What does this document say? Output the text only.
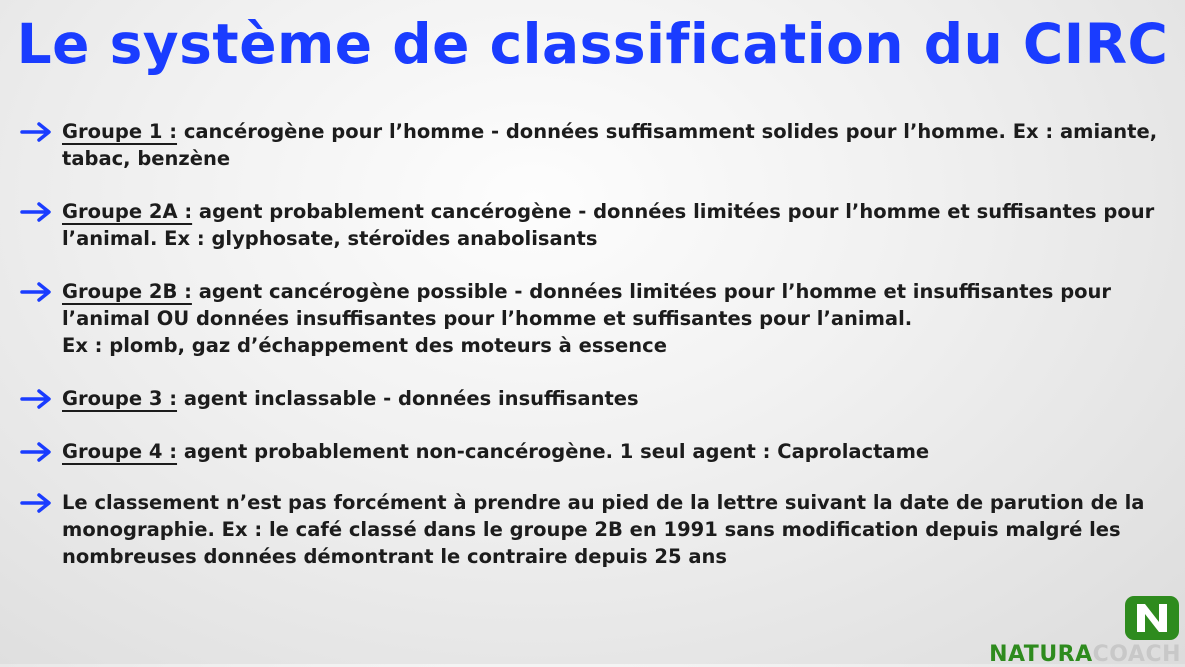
Le système de classification du CIRC
Groupe 1 : cancérogène pour l’homme - données suffisamment solides pour l’homme. Ex : amiante, tabac, benzène
Groupe 2A : agent probablement cancérogène - données limitées pour l’homme et suffisantes pour l’animal. Ex : glyphosate, stéroïdes anabolisants
Groupe 2B : agent cancérogène possible - données limitées pour l’homme et insuffisantes pour l’animal OU données insuffisantes pour l’homme et suffisantes pour l’animal.
Ex : plomb, gaz d’échappement des moteurs à essence
Groupe 3 : agent inclassable - données insuffisantes
Groupe 4 : agent probablement non-cancérogène. 1 seul agent : Caprolactame
Le classement n’est pas forcément à prendre au pied de la lettre suivant la date de parution de la monographie. Ex : le café classé dans le groupe 2B en 1991 sans modification depuis malgré les nombreuses données démontrant le contraire depuis 25 ans
NATURACOACH
